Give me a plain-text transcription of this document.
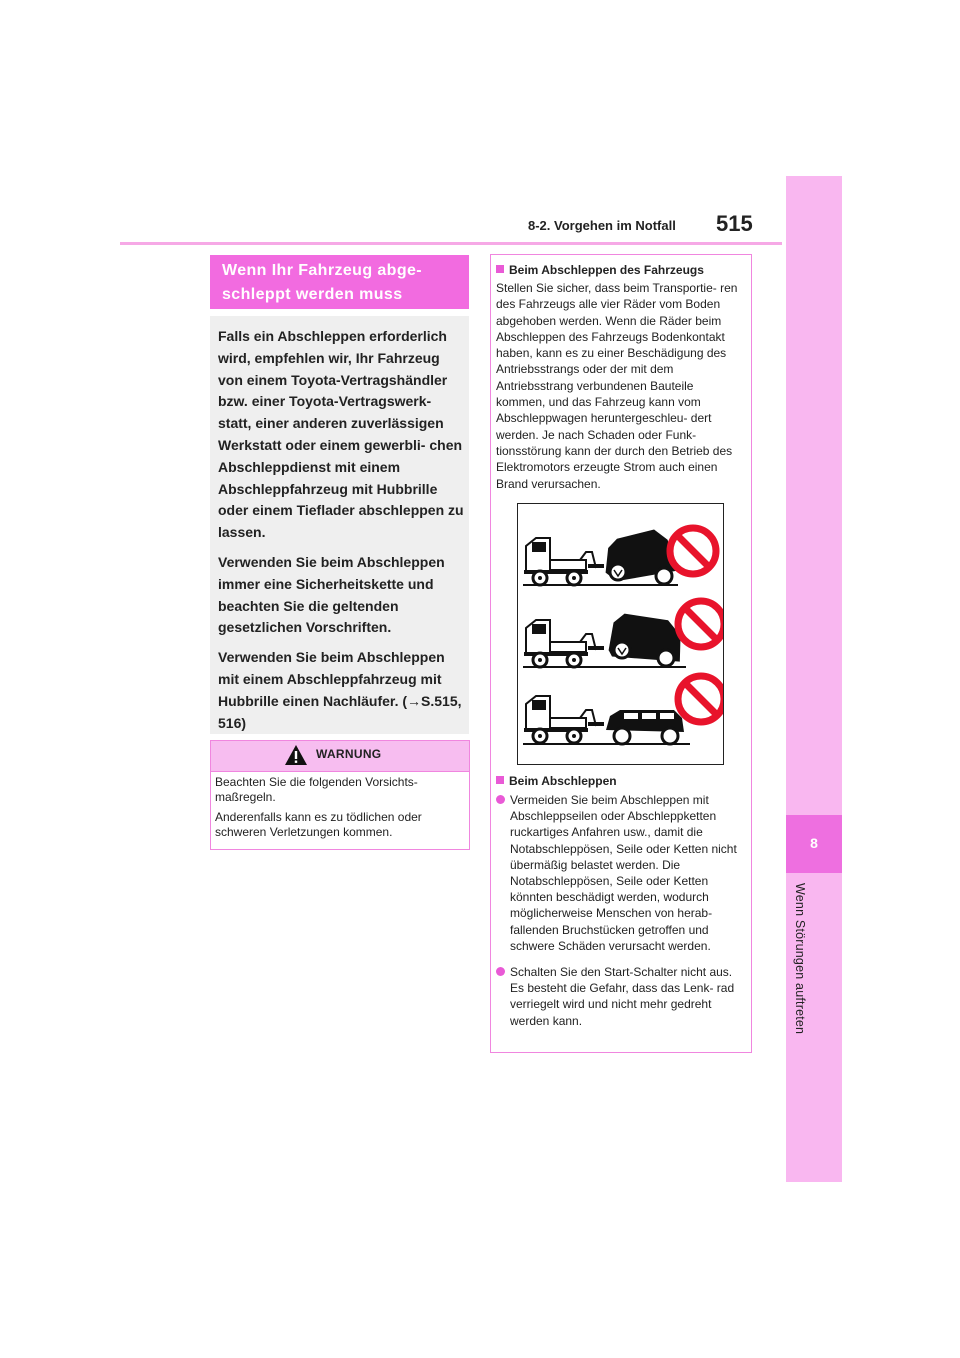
8-2. Vorgehen im Notfall 515
8
Wenn Störungen auftreten
Wenn Ihr Fahrzeug abge- schleppt werden muss

Falls ein Abschleppen erforderlich wird, empfehlen wir, Ihr Fahrzeug von einem Toyota-Vertragshändler bzw. einer Toyota-Vertragswerk- statt, einer anderen zuverlässigen Werkstatt oder einem gewerbli- chen Abschleppdienst mit einem Abschleppfahrzeug mit Hubbrille oder einem Tieflader abschleppen zu lassen.

Verwenden Sie beim Abschleppen immer eine Sicherheitskette und beachten Sie die geltenden gesetzlichen Vorschriften.

Verwenden Sie beim Abschleppen mit einem Abschleppfahrzeug mit Hubbrille einen Nachläufer. (→S.515, 516)

WARNUNG

Beachten Sie die folgenden Vorsichts- maßregeln.

Anderenfalls kann es zu tödlichen oder schweren Verletzungen kommen.

Beim Abschleppen des Fahrzeugs
Stellen Sie sicher, dass beim Transportie- ren des Fahrzeugs alle vier Räder vom Boden abgehoben werden. Wenn die Räder beim Abschleppen des Fahrzeugs Bodenkontakt haben, kann es zu einer Beschädigung des Antriebsstrangs oder der mit dem Antriebsstrang verbundenen Bauteile kommen, und das Fahrzeug kann vom Abschleppwagen heruntergeschleu- dert werden. Je nach Schaden oder Funk- tionsstörung kann der durch den Betrieb des Elektromotors erzeugte Strom auch einen Brand verursachen.
Beim Abschleppen
Vermeiden Sie beim Abschleppen mit Abschleppseilen oder Abschleppketten ruckartiges Anfahren usw., damit die Notabschleppösen, Seile oder Ketten nicht übermäßig belastet werden. Die Notabschleppösen, Seile oder Ketten könnten beschädigt werden, wodurch möglicherweise Menschen von herab- fallenden Bruchstücken getroffen und schwere Schäden verursacht werden.
Schalten Sie den Start-Schalter nicht aus.
Es besteht die Gefahr, dass das Lenk- rad verriegelt wird und nicht mehr gedreht werden kann.
